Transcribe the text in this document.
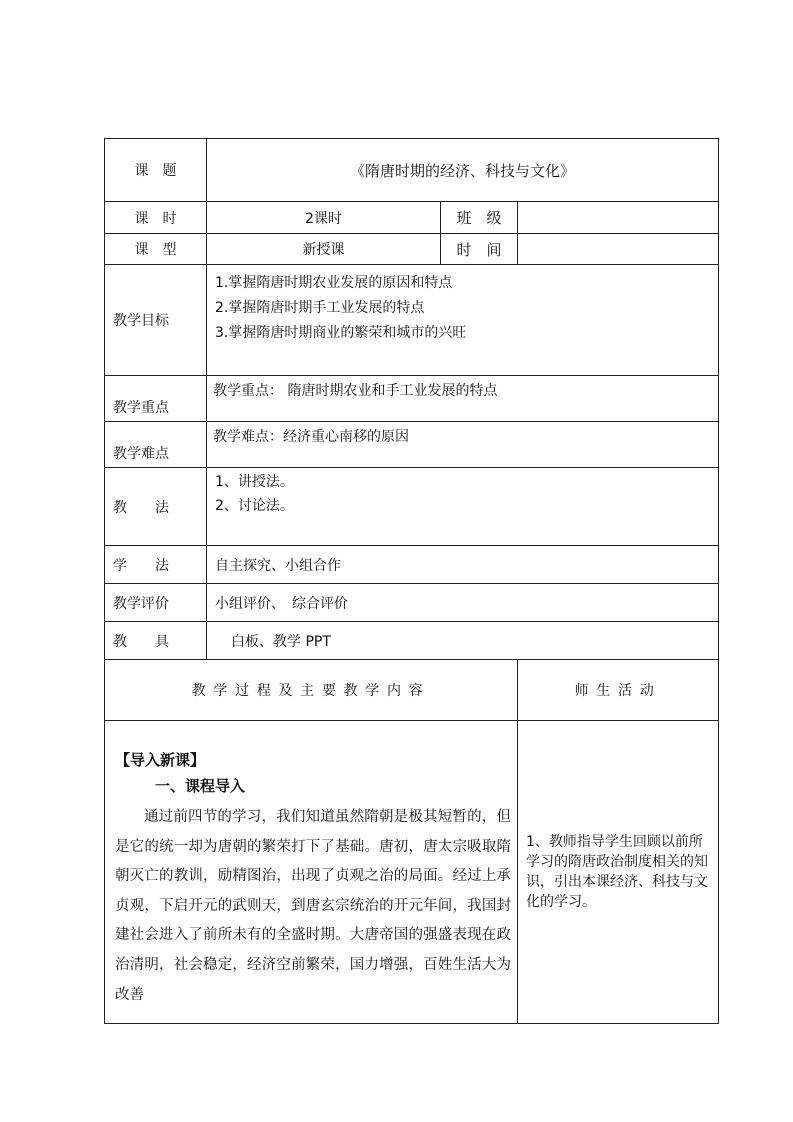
课　题	《隋唐时期的经济、科技与文化》		
课　时	2课时	班　级	
课　型	新授课	时　间	
教学目标	1.掌握隋唐时期农业发展的原因和特点
2.掌握隋唐时期手工业发展的特点
3.掌握隋唐时期商业的繁荣和城市的兴旺		

教学重点	教学重点： 隋唐时期农业和手工业发展的特点		
教学难点	教学难点：经济重心南移的原因		
教　　法	1、讲授法。
2、讨论法。		

学　　法	自主探究、小组合作		
教学评价	小组评价、　综合评价		
教　　具	白板、教学 PPT		
教学过程及主要教学内容			师生活动

【导入新课】
一、课程导入

通过前四节的学习，我们知道虽然隋朝是极其短暂的，但是它的统一却为唐朝的繁荣打下了基础。唐初，唐太宗吸取隋朝灭亡的教训，励精图治，出现了贞观之治的局面。经过上承贞观，下启开元的武则天，到唐玄宗统治的开元年间，我国封建社会进入了前所未有的全盛时期。大唐帝国的强盛表现在政治清明，社会稳定，经济空前繁荣，国力增强，百姓生活大为改善			1、教师指导学生回顾以前所学习的隋唐政治制度相关的知识，引出本课经济、科技与文化的学习。
